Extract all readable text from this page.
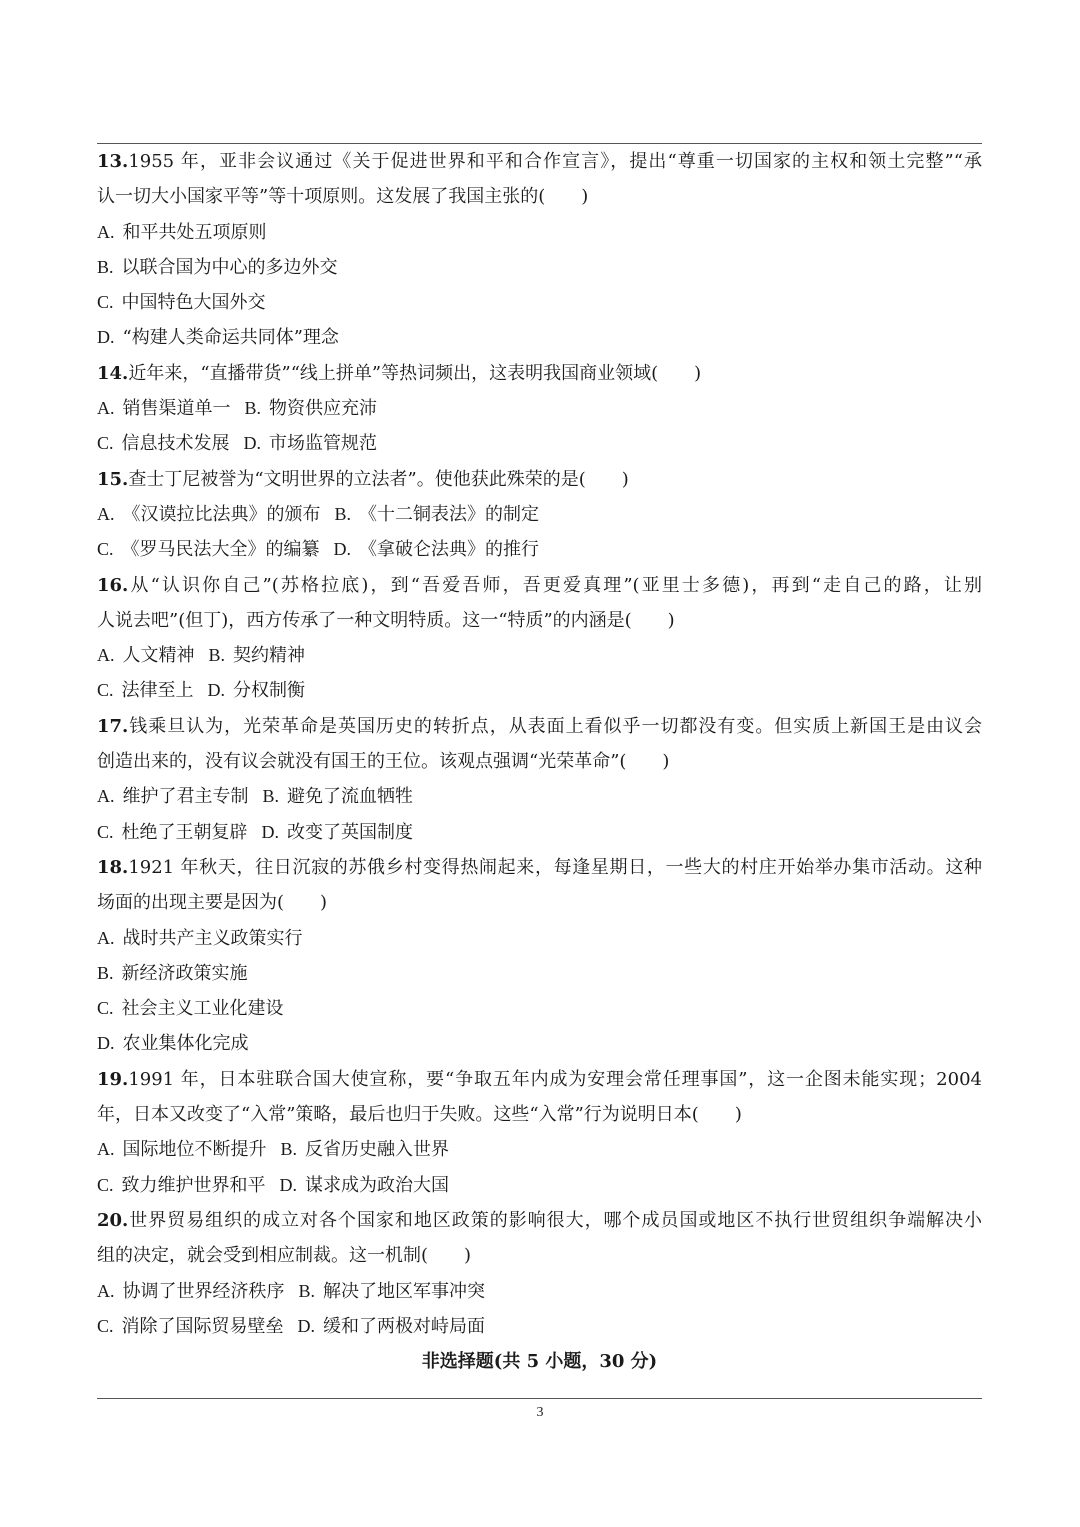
13.1955 年，亚非会议通过《关于促进世界和平和合作宣言》，提出“尊重一切国家的主权和领土完整”“承
认一切大小国家平等”等十项原则。这发展了我国主张的(　　)
A. 和平共处五项原则
B. 以联合国为中心的多边外交
C. 中国特色大国外交
D. “构建人类命运共同体”理念
14.近年来，“直播带货”“线上拼单”等热词频出，这表明我国商业领域(　　)
A. 销售渠道单一 B. 物资供应充沛
C. 信息技术发展 D. 市场监管规范
15.查士丁尼被誉为“文明世界的立法者”。使他获此殊荣的是(　　)
A. 《汉谟拉比法典》的颁布 B. 《十二铜表法》的制定
C. 《罗马民法大全》的编纂 D. 《拿破仑法典》的推行
16.从“认识你自己”(苏格拉底)，到“吾爱吾师，吾更爱真理”(亚里士多德)，再到“走自己的路，让别
人说去吧”(但丁)，西方传承了一种文明特质。这一“特质”的内涵是(　　)
A. 人文精神 B. 契约精神
C. 法律至上 D. 分权制衡
17.钱乘旦认为，光荣革命是英国历史的转折点，从表面上看似乎一切都没有变。但实质上新国王是由议会
创造出来的，没有议会就没有国王的王位。该观点强调“光荣革命”(　　)
A. 维护了君主专制 B. 避免了流血牺牲
C. 杜绝了王朝复辟 D. 改变了英国制度
18.1921 年秋天，往日沉寂的苏俄乡村变得热闹起来，每逢星期日，一些大的村庄开始举办集市活动。这种
场面的出现主要是因为(　　)
A. 战时共产主义政策实行
B. 新经济政策实施
C. 社会主义工业化建设
D. 农业集体化完成
19.1991 年，日本驻联合国大使宣称，要“争取五年内成为安理会常任理事国”，这一企图未能实现；2004
年，日本又改变了“入常”策略，最后也归于失败。这些“入常”行为说明日本(　　)
A. 国际地位不断提升 B. 反省历史融入世界
C. 致力维护世界和平 D. 谋求成为政治大国
20.世界贸易组织的成立对各个国家和地区政策的影响很大，哪个成员国或地区不执行世贸组织争端解决小
组的决定，就会受到相应制裁。这一机制(　　)
A. 协调了世界经济秩序 B. 解决了地区军事冲突
C. 消除了国际贸易壁垒 D. 缓和了两极对峙局面
非选择题(共 5 小题，30 分)
3
